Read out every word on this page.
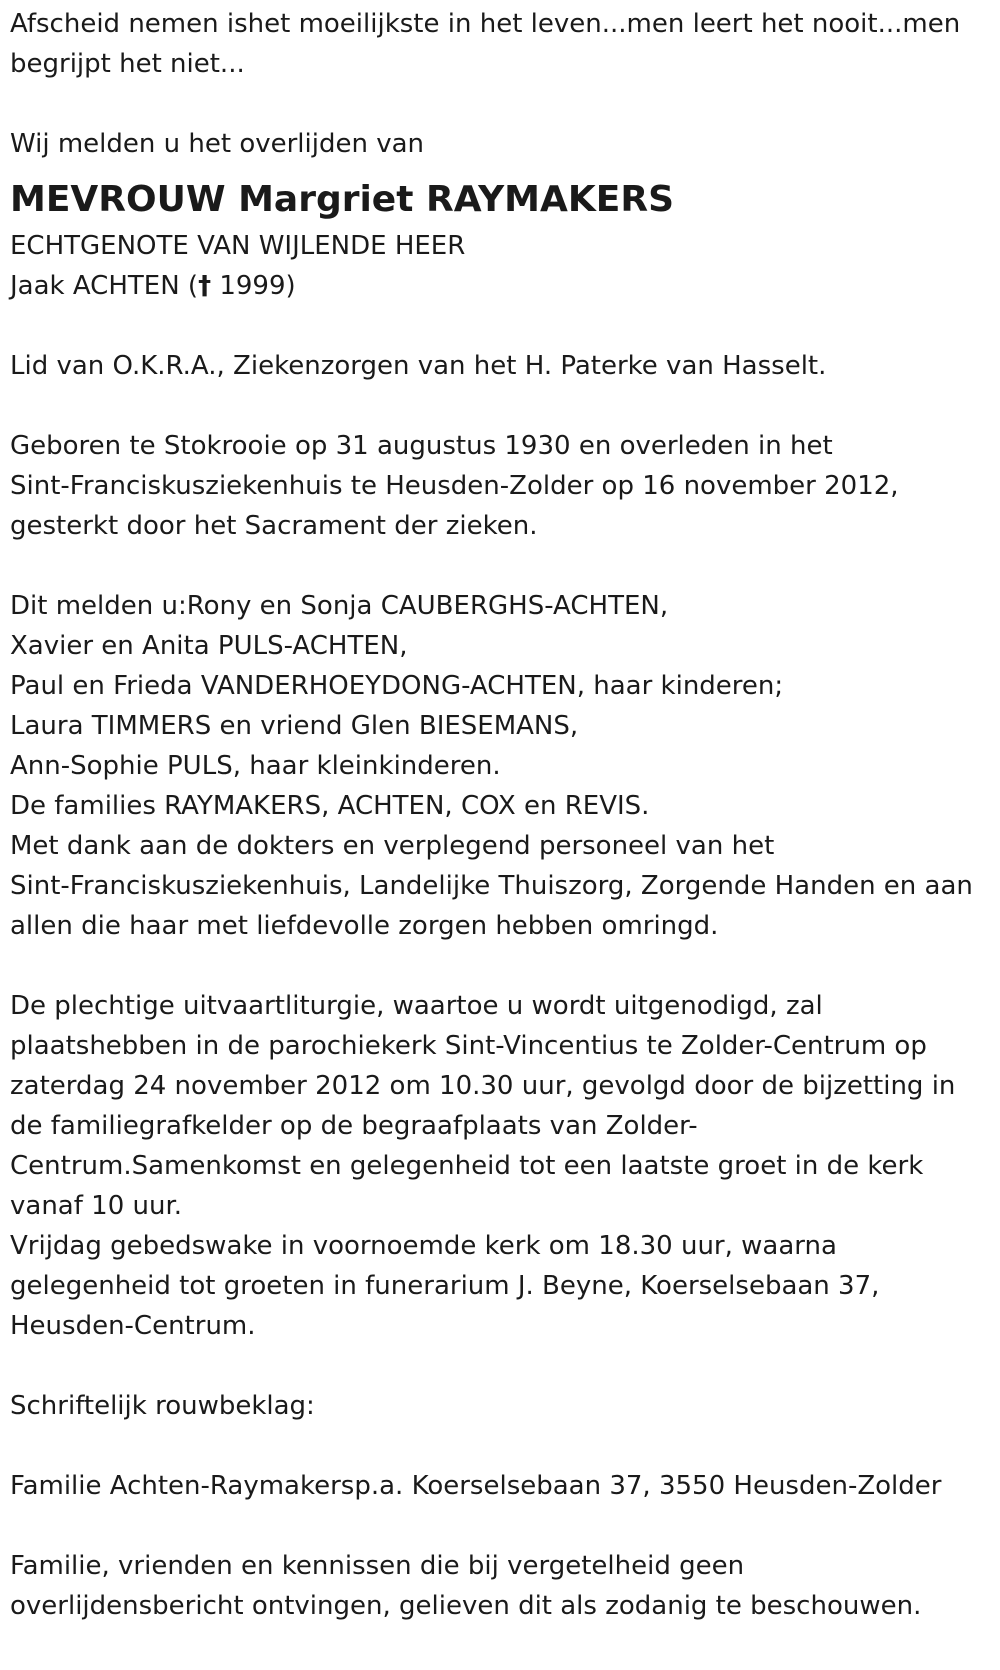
Afscheid nemen ishet moeilijkste in het leven...men leert het nooit...men
begrijpt het niet...
Wij melden u het overlijden van
MEVROUW Margriet RAYMAKERS
ECHTGENOTE VAN WIJLENDE HEER
Jaak ACHTEN († 1999)
Lid van O.K.R.A., Ziekenzorgen van het H. Paterke van Hasselt.
Geboren te Stokrooie op 31 augustus 1930 en overleden in het
Sint-Franciskusziekenhuis te Heusden-Zolder op 16 november 2012,
gesterkt door het Sacrament der zieken.
Dit melden u:Rony en Sonja CAUBERGHS-ACHTEN,
Xavier en Anita PULS-ACHTEN,
Paul en Frieda VANDERHOEYDONG-ACHTEN, haar kinderen;
Laura TIMMERS en vriend Glen BIESEMANS,
Ann-Sophie PULS, haar kleinkinderen.
De families RAYMAKERS, ACHTEN, COX en REVIS.
Met dank aan de dokters en verplegend personeel van het
Sint-Franciskusziekenhuis, Landelijke Thuiszorg, Zorgende Handen en aan
allen die haar met liefdevolle zorgen hebben omringd.
De plechtige uitvaartliturgie, waartoe u wordt uitgenodigd, zal
plaatshebben in de parochiekerk Sint-Vincentius te Zolder-Centrum op
zaterdag 24 november 2012 om 10.30 uur, gevolgd door de bijzetting in
de familiegrafkelder op de begraafplaats van Zolder-
Centrum.Samenkomst en gelegenheid tot een laatste groet in de kerk
vanaf 10 uur.
Vrijdag gebedswake in voornoemde kerk om 18.30 uur, waarna
gelegenheid tot groeten in funerarium J. Beyne, Koerselsebaan 37,
Heusden-Centrum.
Schriftelijk rouwbeklag:
Familie Achten-Raymakersp.a. Koerselsebaan 37, 3550 Heusden-Zolder
Familie, vrienden en kennissen die bij vergetelheid geen
overlijdensbericht ontvingen, gelieven dit als zodanig te beschouwen.
